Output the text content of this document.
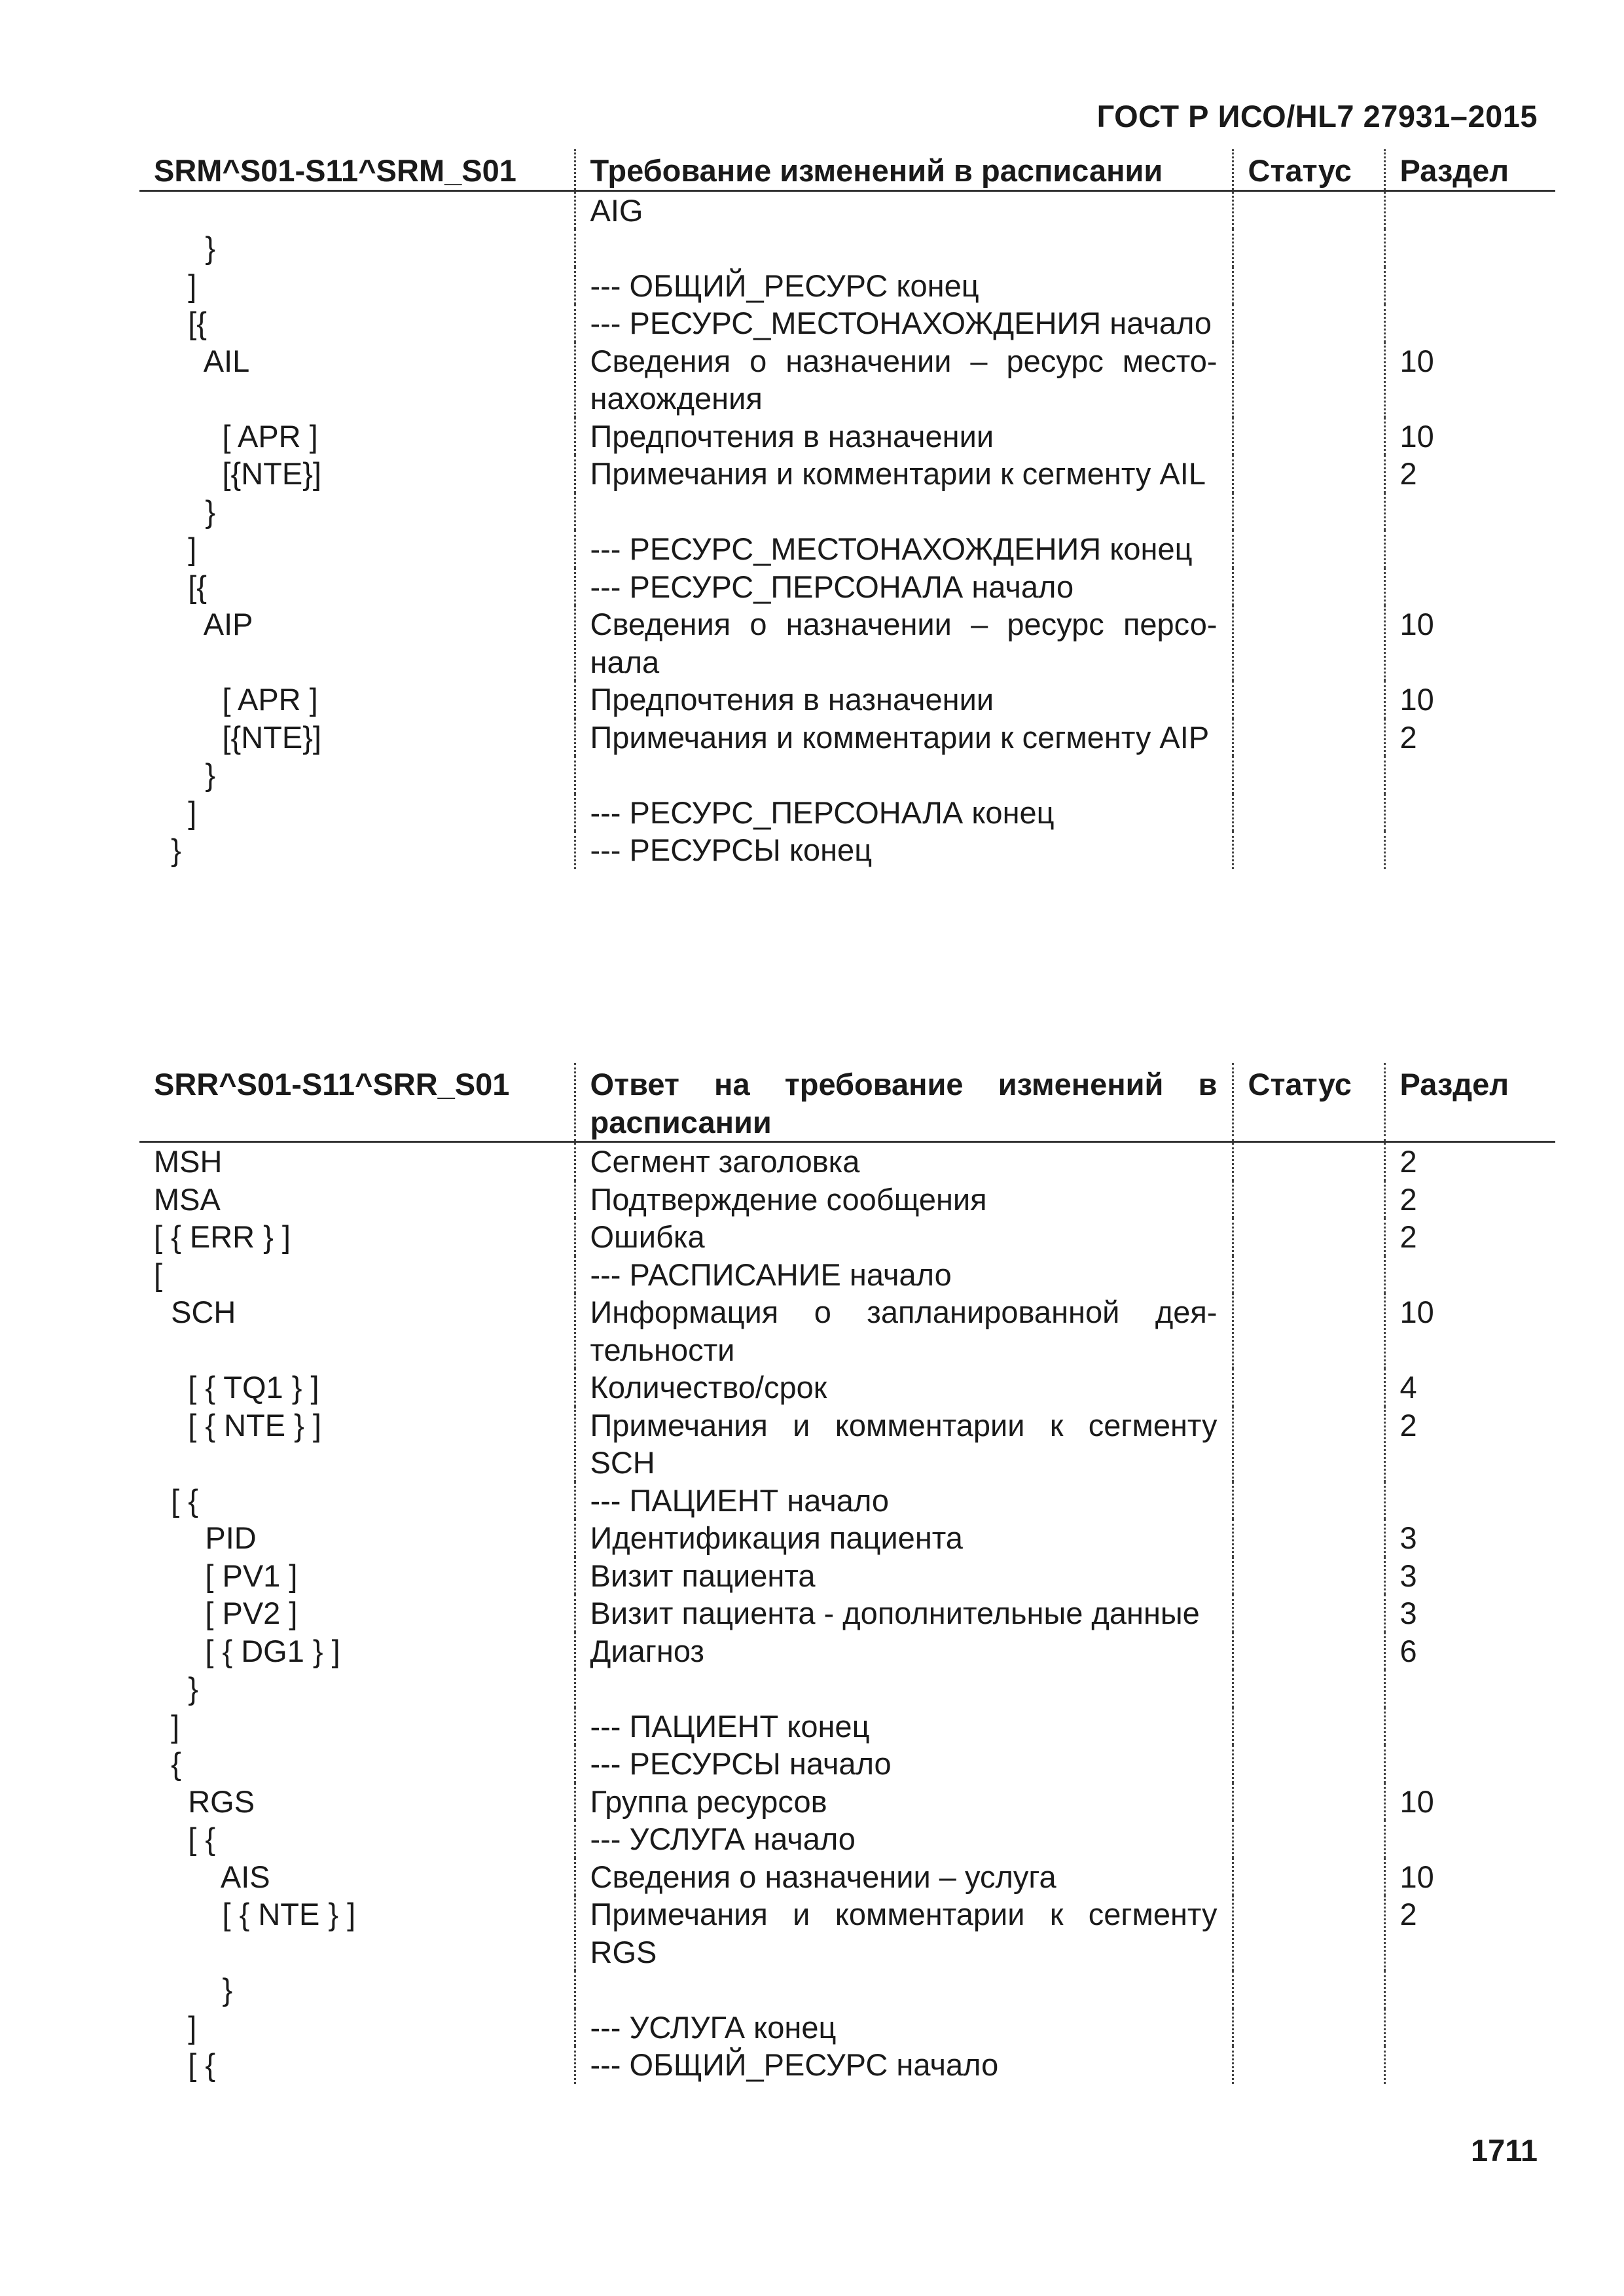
ГОСТ Р ИСО/HL7 27931–2015
SRM^S01-S11^SRM_S01	Требование изменений в расписании	Статус	Раздел
	AIG		
}			
]	--- ОБЩИЙ_РЕСУРС конец		
[{	--- РЕСУРС_МЕСТОНАХОЖДЕНИЯ начало		
AIL	Сведения о назначении – ресурс местонахождения		10
[ APR ]	Предпочтения в назначении		10
[{NTE}]	Примечания и комментарии к сегменту AIL		2
}			
]	--- РЕСУРС_МЕСТОНАХОЖДЕНИЯ конец		
[{	--- РЕСУРС_ПЕРСОНАЛА начало		
AIP	Сведения о назначении – ресурс персонала		10
[ APR ]	Предпочтения в назначении		10
[{NTE}]	Примечания и комментарии к сегменту AIP		2
}			
]	--- РЕСУРС_ПЕРСОНАЛА конец		
}	--- РЕСУРСЫ конец		
SRR^S01-S11^SRR_S01	Ответ на требование изменений в расписании	Статус	Раздел
MSH	Сегмент заголовка		2
MSA	Подтверждение сообщения		2
[ { ERR } ]	Ошибка		2
[	--- РАСПИСАНИЕ начало		
SCH	Информация о запланированной деятельности		10
[ { TQ1 } ]	Количество/срок		4
[ { NTE } ]	Примечания и комментарии к сегменту SCH		2
[ {	--- ПАЦИЕНТ начало		
PID	Идентификация пациента		3
[ PV1 ]	Визит пациента		3
[ PV2 ]	Визит пациента - дополнительные данные		3
[ { DG1 } ]	Диагноз		6
}			
]	--- ПАЦИЕНТ конец		
{	--- РЕСУРСЫ начало		
RGS	Группа ресурсов		10
[ {	--- УСЛУГА начало		
AIS	Сведения о назначении – услуга		10
[ { NTE } ]	Примечания и комментарии к сегменту RGS		2
}			
]	--- УСЛУГА конец		
[ {	--- ОБЩИЙ_РЕСУРС начало		
1711
